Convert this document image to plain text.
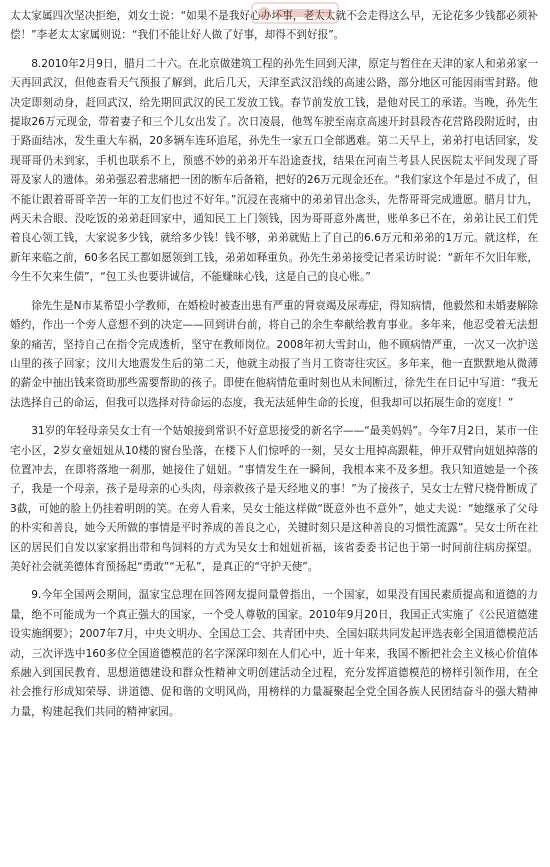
太太家属四次坚决拒绝，刘女士说：“如果不是我好心办坏事，老太太就不会走得这么早，无论花多少钱都必须补偿！”李老太太家属则说：“我们不能让好人做了好事，却得不到好报”。

8.2010年2月9日，腊月二十六。在北京做建筑工程的孙先生回到天津，原定与暂住在天津的家人和弟弟家一天再回武汉，但他查看天气预报了解到，此后几天，天津至武汉沿线的高速公路，部分地区可能因雨雪封路。他决定即刻动身，赶回武汉，给先期回武汉的民工发放工钱。春节前发放工钱，是他对民工的承诺。当晚，孙先生提取26万元现金，带着妻子和三个儿女出发了。次日凌晨，他驾车驶至南京高速开封县段杏花营路段附近时，由于路面结冰，发生重大车祸，20多辆车连环追尾，孙先生一家五口全部遇难。第二天早上，弟弟打电话回家，发现哥哥仍未到家，手机也联系不上，预感不妙的弟弟开车沿途查找，结果在河南兰考县人民医院太平间发现了哥哥及家人的遗体。弟弟强忍着悲痛把一团的断车后备箱，把好的26万元现金还在。“我们家这个年是过不成了，但不能让跟着哥哥辛苦一年的工友们也过不好年。”沉浸在丧痛中的弟弟冒出念头，先帮哥哥完成遗愿。腊月廿九，两天未合眼、没吃饭的弟弟赶回家中，通知民工上门领钱，因为哥哥意外离世，账单多已不在，弟弟让民工们凭着良心领工钱，大家说多少钱，就给多少钱！钱不够，弟弟就贴上了自己的6.6万元和弟弟的1万元。就这样，在新年来临之前，60多名民工都如愿领到工钱，弟弟如释重负。孙先生弟弟接受记者采访时说：“新年不欠旧年账，今生不欠来生债”，“包工头也要讲诚信，不能赚昧心钱，这是自己的良心账。”

徐先生是N市某希望小学教师，在婚检时被查出患有严重的肾衰竭及尿毒症，得知病情，他毅然和未婚妻解除婚约，作出一个旁人意想不到的决定——回到讲台前，将自己的余生奉献给教育事业。多年来，他忍受着无法想象的痛苦，坚持自己在指令完成透析，坚守在教师岗位。2008年初大雪封山，他不顾病情严重，一次又一次护送山里的孩子回家；汶川大地震发生后的第二天，他就主动报了当月工资寄往灾区。多年来，他一直默默地从微薄的薪金中抽出钱来资助那些需要帮助的孩子。即使在他病情危重时刻也从未间断过，徐先生在日记中写道：“我无法选择自己的命运，但我可以选择对待命运的态度，我无法延伸生命的长度，但我却可以拓展生命的宽度！”

31岁的年轻母亲吴女士有一个姑娘接到常识不好意思接受的新名字——“最美妈妈”。今年7月2日，某市一住宅小区，2岁女童妞妞从10楼的窗台坠落，在楼下人们惊呼的一刻，吴女士甩掉高跟鞋，伸开双臂向妞妞掉落的位置冲去，在即将落地一刹那，她接住了妞妞。“事情发生在一瞬间，我根本来不及多想。我只知道她是一个孩子，我是一个母亲，孩子是母亲的心头肉，母亲救孩子是天经地义的事！”为了接孩子，吴女士左臂尺桡骨断成了3截，可她的脸上仍挂着明朗的笑。在旁人看来，吴女士能这样做“既意外也不意外”，她丈夫说：“她继承了父母的朴实和善良，她今天所做的事情是平时养成的善良之心，关键时刻只是这种善良的习惯性流露”。吴女士所在社区的居民们自发以家家捐出带和鸟饲料的方式为吴女士和妞妞祈福，该省委委书记也于第一时间前往病房探望。美好社会就美德体育预扬起“勇敢”“无私”，是真正的“守护天使”。

9.今年全国两会期间，温家宝总理在回答网友提问量曾指出，一个国家，如果没有国民素质提高和道德的力量，绝不可能成为一个真正强大的国家，一个受人尊敬的国家。2010年9月20日，我国正式实施了《公民道德建设实施纲要》；2007年7月，中央文明办、全国总工会、共青团中央、全国妇联共同发起评选表彰全国道德模范活动，三次评选中160多位全国道德模范的名字深深印刻在人们心中，近十年来，我国不断把社会主义核心价值体系融入到国民教育、思想道德建设和群众性精神文明创建活动全过程，充分发挥道德模范的榜样引领作用，在全社会推行形成知荣辱、讲道德、促和谐的文明风尚，用榜样的力量凝聚起全党全国各族人民团结奋斗的强大精神力量，构建起我们共同的精神家园。
